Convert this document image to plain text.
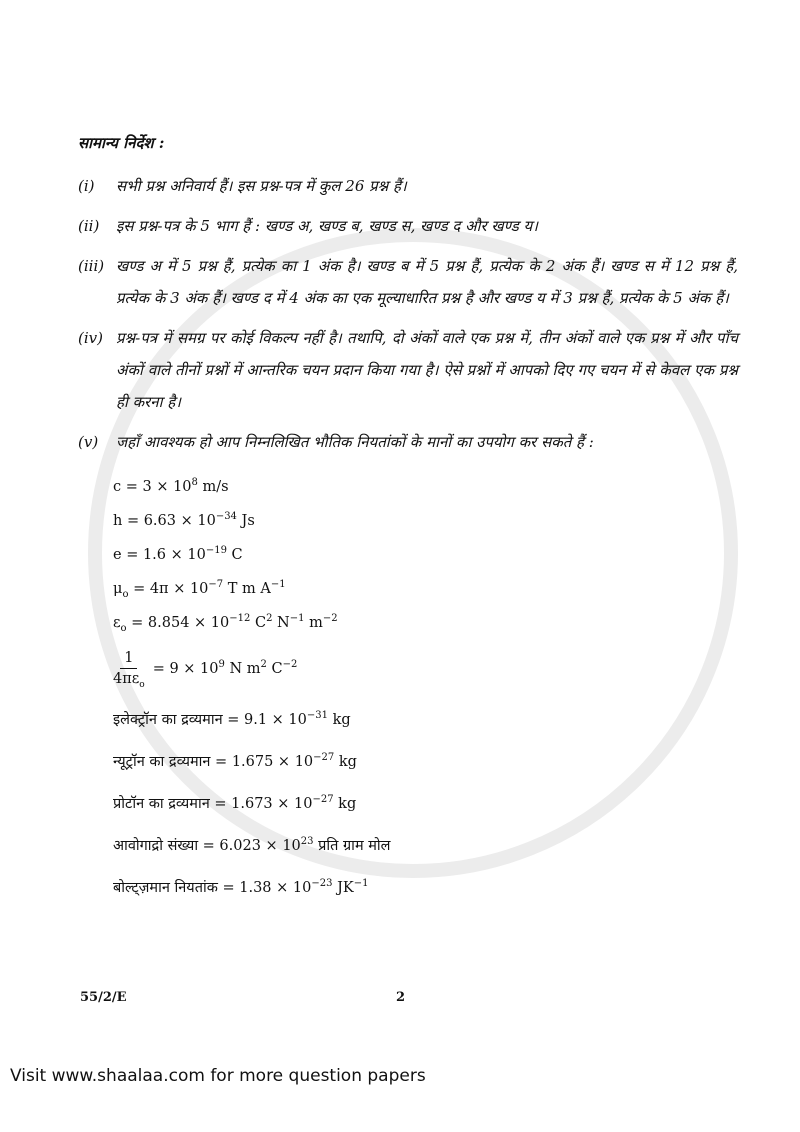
सामान्य निर्देश :
(i)	सभी प्रश्न अनिवार्य हैं। इस प्रश्न-पत्र में कुल 26 प्रश्न हैं।
(ii)	इस प्रश्न-पत्र के 5 भाग हैं : खण्ड अ, खण्ड ब, खण्ड स, खण्ड द और खण्ड य।
(iii) खण्ड अ में 5 प्रश्न हैं, प्रत्येक का 1 अंक है। खण्ड ब में 5 प्रश्न हैं, प्रत्येक के 2 अंक हैं। खण्ड स में 12 प्रश्न हैं, प्रत्येक के 3 अंक हैं। खण्ड द में 4 अंक का एक मूल्याधारित प्रश्न है और खण्ड य में 3 प्रश्न हैं, प्रत्येक के 5 अंक हैं।
(iv) प्रश्न-पत्र में समग्र पर कोई विकल्प नहीं है। तथापि, दो अंकों वाले एक प्रश्न में, तीन अंकों वाले एक प्रश्न में और पाँच अंकों वाले तीनों प्रश्नों में आन्तरिक चयन प्रदान किया गया है। ऐसे प्रश्नों में आपको दिए गए चयन में से केवल एक प्रश्न ही करना है।
(v)	जहाँ आवश्यक हो आप निम्नलिखित भौतिक नियतांकों के मानों का उपयोग कर सकते हैं :
$c = 3 \times 10^8$ m/s
$h = 6.63 \times 10^{-34}$ Js
$e = 1.6 \times 10^{-19}$ C
$\mu_o = 4\pi \times 10^{-7}$ T m $A^{-1}$
$\varepsilon_o = 8.854 \times 10^{-12}$ $C^2$ $N^{-1}$ $m^{-2}$
1
$4\pi\varepsilon_o$
= $9 \times 10^9$ N $m^2$ $C^{-2}$
इलेक्ट्रॉन का द्रव्यमान = $9.1 \times 10^{-31}$ kg
न्यूट्रॉन का द्रव्यमान = $1.675 \times 10^{-27}$ kg
प्रोटॉन का द्रव्यमान = $1.673 \times 10^{-27}$ kg
आवोगाद्रो संख्या = $6.023 \times 10^{23}$ प्रति ग्राम मोल
बोल्ट्ज़मान नियतांक = $1.38 \times 10^{-23}$ $JK^{-1}$
55/2/E	2
Visit www.shaalaa.com for more question papers
